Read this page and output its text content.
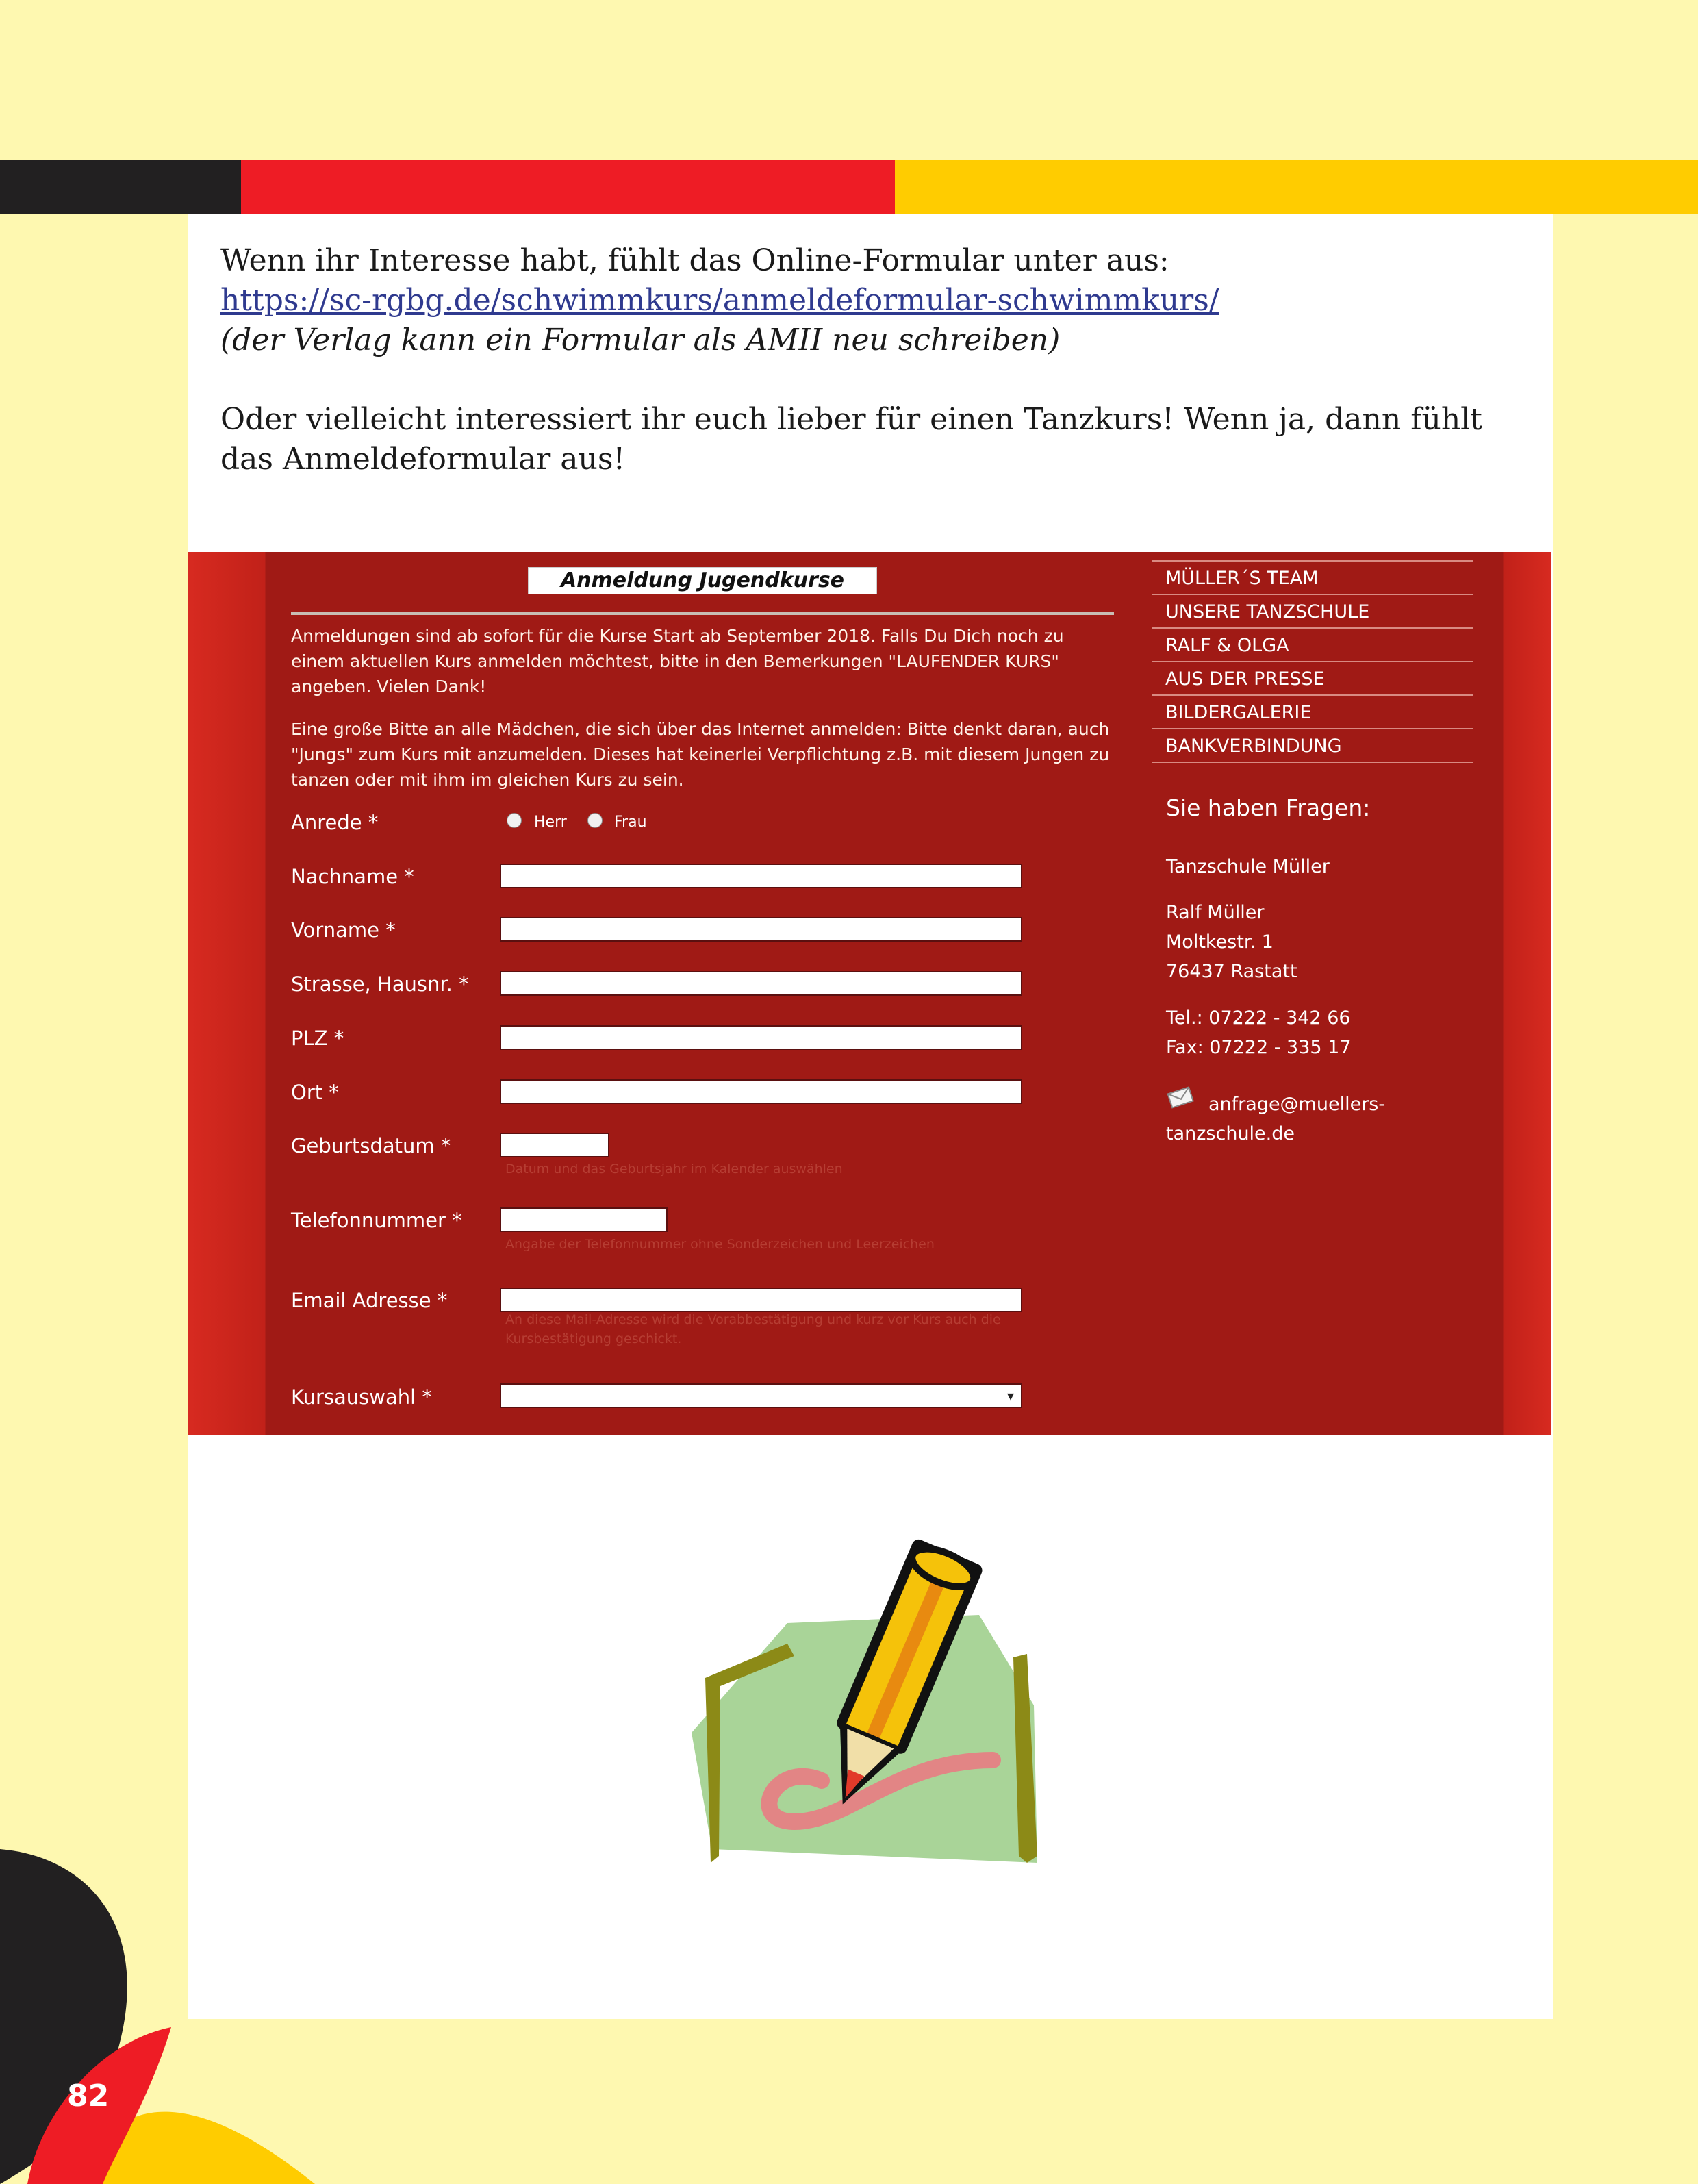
Wenn ihr Interesse habt, fühlt das Online-Formular unter aus:

https://sc-rgbg.de/schwimmkurs/anmeldeformular-schwimmkurs/

(der Verlag kann ein Formular als AMII neu schreiben)

Oder vielleicht interessiert ihr euch lieber für einen Tanzkurs! Wenn ja, dann fühlt das Anmeldeformular aus!

Anmeldung Jugendkurse

Anmeldungen sind ab sofort für die Kurse Start ab September 2018. Falls Du Dich noch zu einem aktuellen Kurs anmelden möchtest, bitte in den Bemerkungen "LAUFENDER KURS" angeben. Vielen Dank!

Eine große Bitte an alle Mädchen, die sich über das Internet anmelden: Bitte denkt daran, auch "Jungs" zum Kurs mit anzumelden. Dieses hat keinerlei Verpflichtung z.B. mit diesem Jungen zu tanzen oder mit ihm im gleichen Kurs zu sein.

Anrede *	Herr	Frau
Nachname *
Vorname *
Strasse, Hausnr. *
PLZ *
Ort *
Geburtsdatum *
Datum und das Geburtsjahr im Kalender auswählen
Telefonnummer *
Angabe der Telefonnummer ohne Sonderzeichen und Leerzeichen
Email Adresse *
An diese Mail-Adresse wird die Vorabbestätigung und kurz vor Kurs auch die Kursbestätigung geschickt.
Kursauswahl *	▾
MÜLLER´S TEAM
UNSERE TANZSCHULE
RALF & OLGA
AUS DER PRESSE
BILDERGALERIE
BANKVERBINDUNG
Sie haben Fragen:
Tanzschule Müller
Ralf Müller
Moltkestr. 1
76437 Rastatt
Tel.: 07222 - 342 66
Fax: 07222 - 335 17
anfrage@muellers-
tanzschule.de
82
